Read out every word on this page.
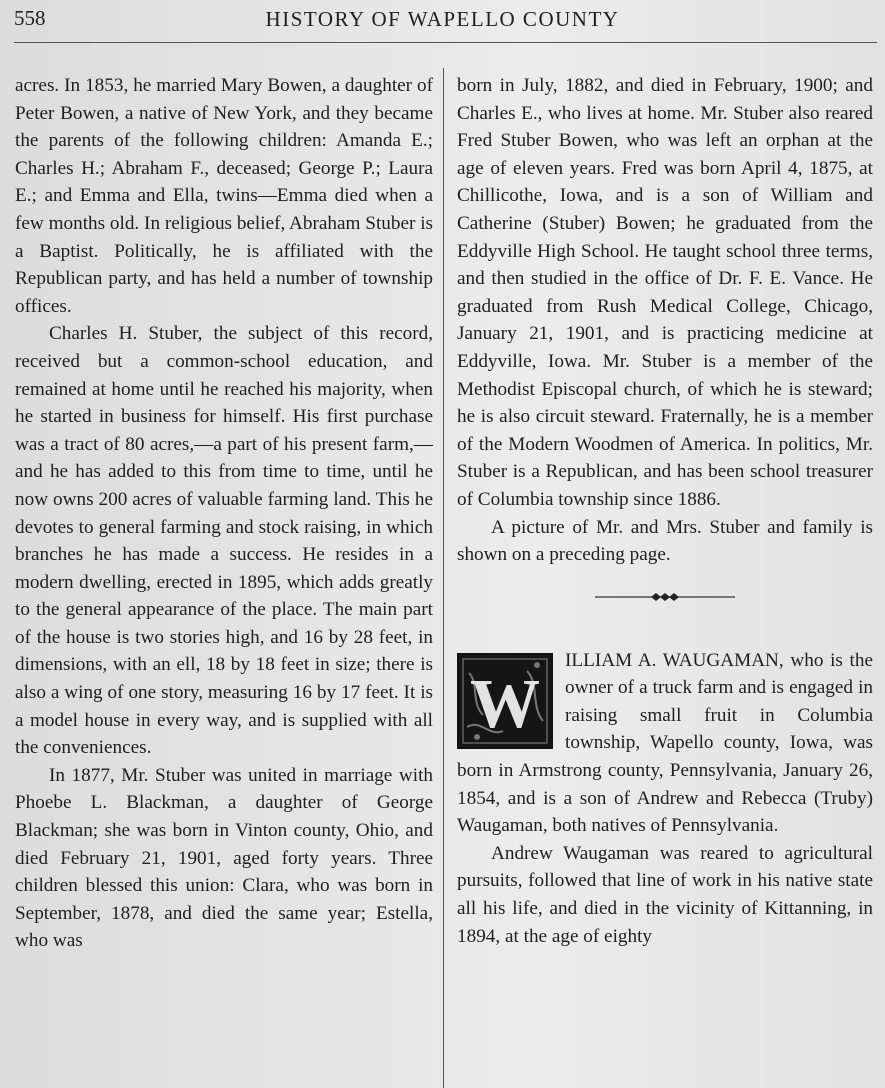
558	HISTORY OF WAPELLO COUNTY

acres. In 1853, he married Mary Bowen, a daughter of Peter Bowen, a native of New York, and they became the parents of the following children: Amanda E.; Charles H.; Abraham F., deceased; George P.; Laura E.; and Emma and Ella, twins—Emma died when a few months old. In religious belief, Abraham Stuber is a Baptist. Politically, he is affiliated with the Republican party, and has held a number of township offices.

Charles H. Stuber, the subject of this record, received but a common-school education, and remained at home until he reached his majority, when he started in business for himself. His first purchase was a tract of 80 acres,—a part of his present farm,—and he has added to this from time to time, until he now owns 200 acres of valuable farming land. This he devotes to general farming and stock raising, in which branches he has made a success. He resides in a modern dwelling, erected in 1895, which adds greatly to the general appearance of the place. The main part of the house is two stories high, and 16 by 28 feet, in dimensions, with an ell, 18 by 18 feet in size; there is also a wing of one story, measuring 16 by 17 feet. It is a model house in every way, and is supplied with all the conveniences.

In 1877, Mr. Stuber was united in marriage with Phoebe L. Blackman, a daughter of George Blackman; she was born in Vinton county, Ohio, and died February 21, 1901, aged forty years. Three children blessed this union: Clara, who was born in September, 1878, and died the same year; Estella, who was

born in July, 1882, and died in February, 1900; and Charles E., who lives at home. Mr. Stuber also reared Fred Stuber Bowen, who was left an orphan at the age of eleven years. Fred was born April 4, 1875, at Chillicothe, Iowa, and is a son of William and Catherine (Stuber) Bowen; he graduated from the Eddyville High School. He taught school three terms, and then studied in the office of Dr. F. E. Vance. He graduated from Rush Medical College, Chicago, January 21, 1901, and is practicing medicine at Eddyville, Iowa. Mr. Stuber is a member of the Methodist Episcopal church, of which he is steward; he is also circuit steward. Fraternally, he is a member of the Modern Woodmen of America. In politics, Mr. Stuber is a Republican, and has been school treasurer of Columbia township since 1886.

A picture of Mr. and Mrs. Stuber and family is shown on a preceding page.

W

ILLIAM A. WAUGAMAN, who is the owner of a truck farm and is engaged in raising small fruit in Columbia township, Wapello county, Iowa, was born in Armstrong county, Pennsylvania, January 26, 1854, and is a son of Andrew and Rebecca (Truby) Waugaman, both natives of Pennsylvania.

Andrew Waugaman was reared to agricultural pursuits, followed that line of work in his native state all his life, and died in the vicinity of Kittanning, in 1894, at the age of eighty
